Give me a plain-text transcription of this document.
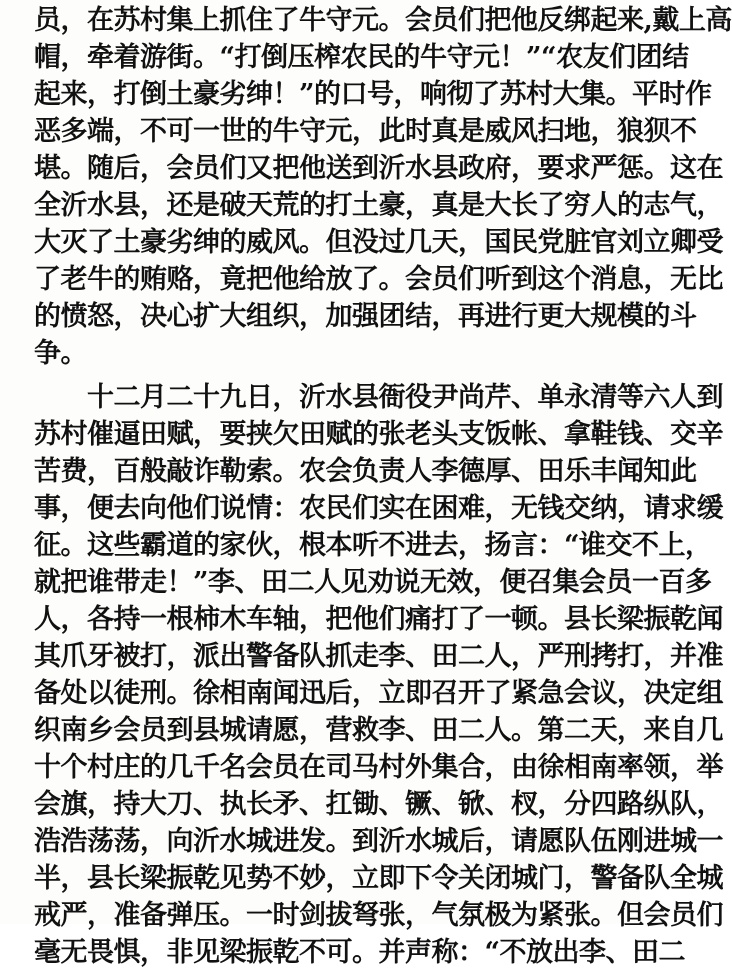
员，在苏村集上抓住了牛守元。会员们把他反绑起来,戴上高
帽，牵着游街。“打倒压榨农民的牛守元！”“农友们团结
起来，打倒土豪劣绅！”的口号，响彻了苏村大集。平时作
恶多端，不可一世的牛守元，此时真是威风扫地，狼狈不
堪。随后，会员们又把他送到沂水县政府，要求严惩。这在
全沂水县，还是破天荒的打土豪，真是大长了穷人的志气，
大灭了土豪劣绅的威风。但没过几天，国民党脏官刘立卿受
了老牛的贿赂，竟把他给放了。会员们听到这个消息，无比
的愤怒，决心扩大组织，加强团结，再进行更大规模的斗
争。
　　十二月二十九日，沂水县衙役尹尚芹、单永清等六人到
苏村催逼田赋，要挟欠田赋的张老头支饭帐、拿鞋钱、交辛
苦费，百般敲诈勒索。农会负责人李德厚、田乐丰闻知此
事，便去向他们说情：农民们实在困难，无钱交纳，请求缓
征。这些霸道的家伙，根本听不进去，扬言：“谁交不上，
就把谁带走！”李、田二人见劝说无效，便召集会员一百多
人，各持一根柿木车轴，把他们痛打了一顿。县长梁振乾闻
其爪牙被打，派出警备队抓走李、田二人，严刑拷打，并准
备处以徒刑。徐相南闻迅后，立即召开了紧急会议，决定组
织南乡会员到县城请愿，营救李、田二人。第二天，来自几
十个村庄的几千名会员在司马村外集合，由徐相南率领，举
会旗，持大刀、执长矛、扛锄、镢、锨、杈，分四路纵队，
浩浩荡荡，向沂水城进发。到沂水城后，请愿队伍刚进城一
半，县长梁振乾见势不妙，立即下令关闭城门，警备队全城
戒严，准备弹压。一时剑拔弩张，气氛极为紧张。但会员们
毫无畏惧，非见梁振乾不可。并声称：“不放出李、田二
